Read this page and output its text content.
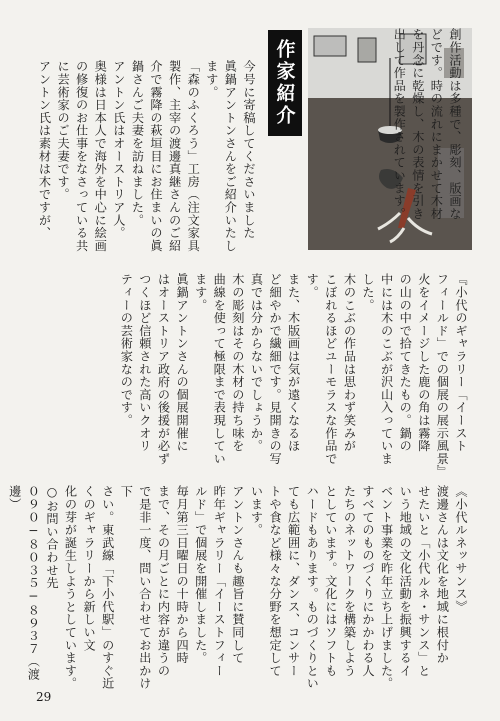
作家紹介

今号に寄稿してくださいました

眞鍋アントンさんをご紹介いたし

ます。

「森のふくろう」工房（注文家具

製作、主宰の渡邊真継さんのご紹

介で霧降の萩垣目にお住まいの眞

鍋さんご夫妻を訪ねました。

アントン氏はオーストリア人。

奥様は日本人で海外を中心に絵画

の修復のお仕事をなさっている共

に芸術家のご夫妻です。

アントン氏は素材は木ですが、	創作活動は多種で、彫刻、版画な

どです。時の流れにまかせて木材

を丹念に乾燥し、木の表情を引き

出して作品を製作されています。

『小代のギャラリー「イースト

フィールド」での個展の展示風景』

火をイメージした鹿の角は霧降

の山の中で拾てきたもの。鍋の

中には木のこぶが沢山入っていま

した。

木のこぶの作品は思わず笑みが

こぼれるほどユーモラスな作品で

す。

また、木版画は気が遠くなるほ

ど細やかで繊細です。見開きの写

真では分からないでしょうか。

木の彫刻はその木材の持ち味を

曲線を使って極限まで表現してい

ます。

眞鍋アントンさんの個展開催に

はオーストリア政府の後援が必ず

つくほど信頼された高いクオリ

ティーの芸術家なのです。

《小代ルネッサンス》

渡邊さんは文化を地域に根付か

せたいと「小代ルネ・サンス」と

いう地域の文化活動を振興するイ

ベント事業を昨年立ち上げました。

すべてのものづくりにかかわる人

たちのネットワークを構築しよう

としています。文化にはソフトも

ハードもあります。ものづくりとい

ても広範囲に、ダンス、コンサー

トや食など様々な分野を想定して

います。

アントンさんも趣旨に賛同して

昨年ギャラリー「イーストフィー

ルド」で個展を開催しました。

毎月第三日曜日の十時から四時

まで、その月ごとに内容が違うの

で是非一度、問い合わせてお出かけ下

さい。東武線「下小代駅」のすぐ近

くのギャラリーから新しい文

化の芽が誕生しようとしています。

○お問い合わせ先

０９０−８０３５−８９３７（渡邊）

29
